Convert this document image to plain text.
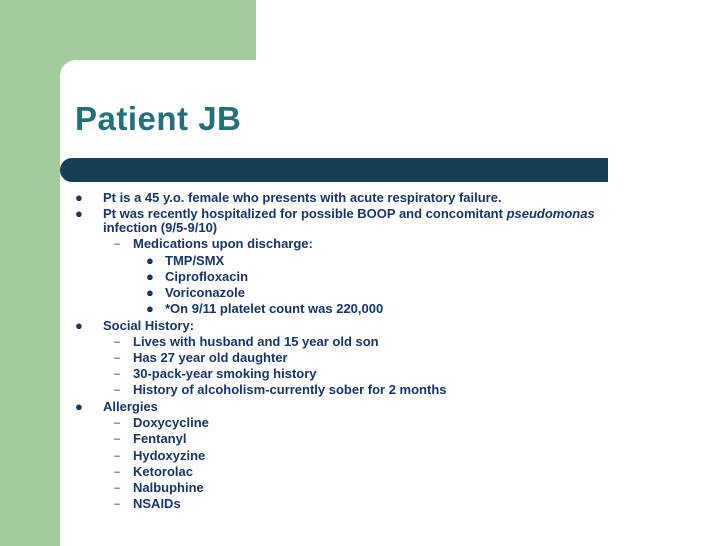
Patient JB
● Pt is a 45 y.o. female who presents with acute respiratory failure.
● Pt was recently hospitalized for possible BOOP and concomitant pseudomonas
infection (9/5-9/10)
– Medications upon discharge:
● TMP/SMX
● Ciprofloxacin
● Voriconazole
● *On 9/11 platelet count was 220,000
● Social History:
– Lives with husband and 15 year old son
– Has 27 year old daughter
– 30-pack-year smoking history
– History of alcoholism-currently sober for 2 months
● Allergies
– Doxycycline
– Fentanyl
– Hydoxyzine
– Ketorolac
– Nalbuphine
– NSAIDs
